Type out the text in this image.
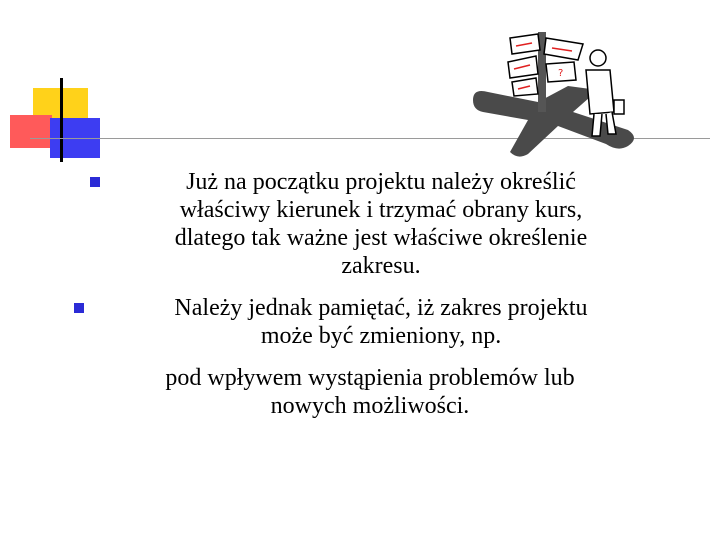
?
Już na początku projektu należy określić
właściwy kierunek i trzymać obrany kurs,
dlatego tak ważne jest właściwe określenie
zakresu.
Należy jednak pamiętać, iż zakres projektu
może być zmieniony, np.
pod wpływem wystąpienia problemów lub
nowych możliwości.
